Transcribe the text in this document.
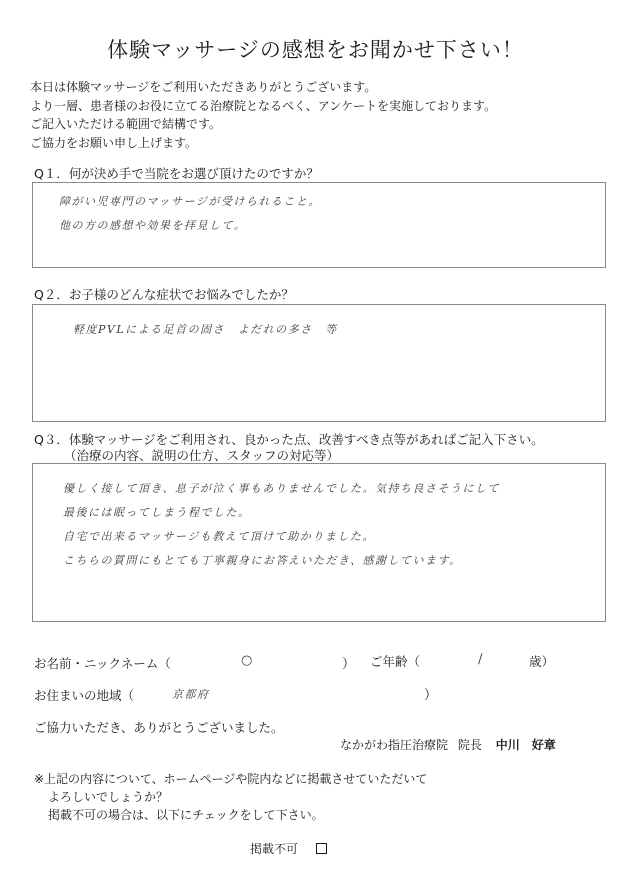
体験マッサージの感想をお聞かせ下さい！
本日は体験マッサージをご利用いただきありがとうございます。
より一層、患者様のお役に立てる治療院となるべく、アンケートを実施しております。
ご記入いただける範囲で結構です。
ご協力をお願い申し上げます。
Q１．何が決め手で当院をお選び頂けたのですか？
障がい児専門のマッサージが受けられること。
他の方の感想や効果を拝見して。
Q２．お子様のどんな症状でお悩みでしたか？
軽度PVLによる足首の固さ　よだれの多さ　等
Q３．体験マッサージをご利用され、良かった点、改善すべき点等があればご記入下さい。
（治療の内容、説明の仕方、スタッフの対応等）
優しく接して頂き、息子が泣く事もありませんでした。気持ち良さそうにして
最後には眠ってしまう程でした。
自宅で出来るマッサージも教えて頂けて助かりました。
こちらの質問にもとても丁寧親身にお答えいただき、感謝しています。
お名前・ニックネーム（	○	） ご年齢（	/	歳）
お住まいの地域（	京都府	）
ご協力いただき、ありがとうございました。
なかがわ指圧治療院 院長 中川　好章
※上記の内容について、ホームページや院内などに掲載させていただいて
よろしいでしょうか？
掲載不可の場合は、以下にチェックをして下さい。
掲載不可
